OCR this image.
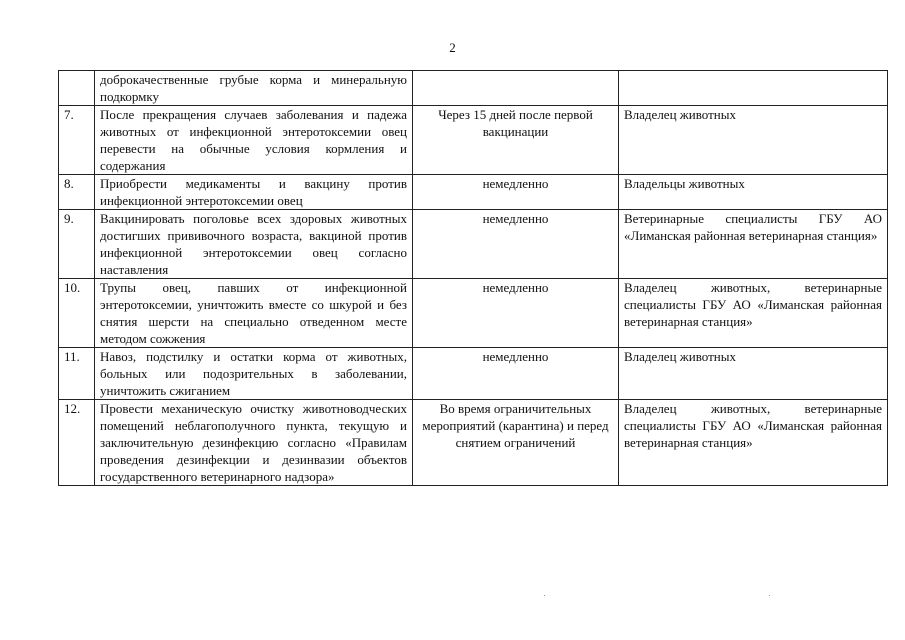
2
	доброкачественные грубые корма и минеральную подкормку		
7.	После прекращения случаев заболевания и падежа животных от инфекционной энтеротоксемии овец перевести на обычные условия кормления и содержания	Через 15 дней после первой вакцинации	Владелец животных
8.	Приобрести медикаменты и вакцину против инфекционной энтеротоксемии овец	немедленно	Владельцы животных
9.	Вакцинировать поголовье всех здоровых животных достигших прививочного возраста, вакциной против инфекционной энтеротоксемии овец согласно наставления	немедленно	Ветеринарные специалисты ГБУ АО «Лиманская районная ветеринарная станция»
10.	Трупы овец, павших от инфекционной энтеротоксемии, уничтожить вместе со шкурой и без снятия шерсти на специально отведенном месте методом сожжения	немедленно	Владелец животных, ветеринарные специалисты ГБУ АО «Лиманская районная ветеринарная станция»
11.	Навоз, подстилку и остатки корма от животных, больных или подозрительных в заболевании, уничтожить сжиганием	немедленно	Владелец животных
12.	Провести механическую очистку животноводческих помещений неблагополучного пункта, текущую и заключительную дезинфекцию согласно «Правилам проведения дезинфекции и дезинвазии объектов государственного ветеринарного надзора»	Во время ограничительных мероприятий (карантина) и перед снятием ограничений	Владелец животных, ветеринарные специалисты ГБУ АО «Лиманская районная ветеринарная станция»
